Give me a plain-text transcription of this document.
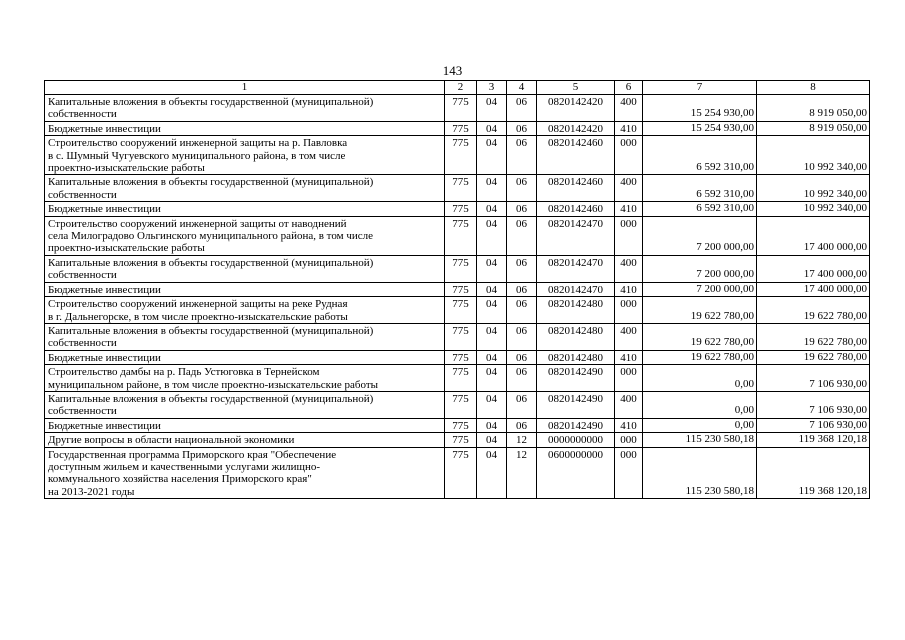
143
1	2	3	4	5	6	7	8

Капитальные вложения в объекты государственной (муниципальной)
собственности	775	04	06	0820142420	400	15 254 930,00	8 919 050,00

Бюджетные инвестиции	775	04	06	0820142420	410	15 254 930,00	8 919 050,00

Строительство сооружений инженерной защиты на р. Павловка
в с. Шумный Чугуевского муниципального района, в том числе
проектно-изыскательские работы	775	04	06	0820142460	000	6 592 310,00	10 992 340,00

Капитальные вложения в объекты государственной (муниципальной)
собственности	775	04	06	0820142460	400	6 592 310,00	10 992 340,00

Бюджетные инвестиции	775	04	06	0820142460	410	6 592 310,00	10 992 340,00

Строительство сооружений инженерной защиты от наводнений
села Милоградово Ольгинского муниципального района, в том числе
проектно-изыскательские работы	775	04	06	0820142470	000	7 200 000,00	17 400 000,00

Капитальные вложения в объекты государственной (муниципальной)
собственности	775	04	06	0820142470	400	7 200 000,00	17 400 000,00

Бюджетные инвестиции	775	04	06	0820142470	410	7 200 000,00	17 400 000,00

Строительство сооружений инженерной защиты на реке Рудная
в г. Дальнегорске, в том числе проектно-изыскательские работы	775	04	06	0820142480	000	19 622 780,00	19 622 780,00

Капитальные вложения в объекты государственной (муниципальной)
собственности	775	04	06	0820142480	400	19 622 780,00	19 622 780,00

Бюджетные инвестиции	775	04	06	0820142480	410	19 622 780,00	19 622 780,00

Строительство дамбы на р. Падь Устюговка в Тернейском
муниципальном районе, в том числе проектно-изыскательские работы	775	04	06	0820142490	000	0,00	7 106 930,00

Капитальные вложения в объекты государственной (муниципальной)
собственности	775	04	06	0820142490	400	0,00	7 106 930,00

Бюджетные инвестиции	775	04	06	0820142490	410	0,00	7 106 930,00

Другие вопросы в области национальной экономики	775	04	12	0000000000	000	115 230 580,18	119 368 120,18

Государственная программа Приморского края "Обеспечение
доступным жильем и качественными услугами жилищно-
коммунального хозяйства населения Приморского края"
на 2013-2021 годы	775	04	12	0600000000	000	115 230 580,18	119 368 120,18
